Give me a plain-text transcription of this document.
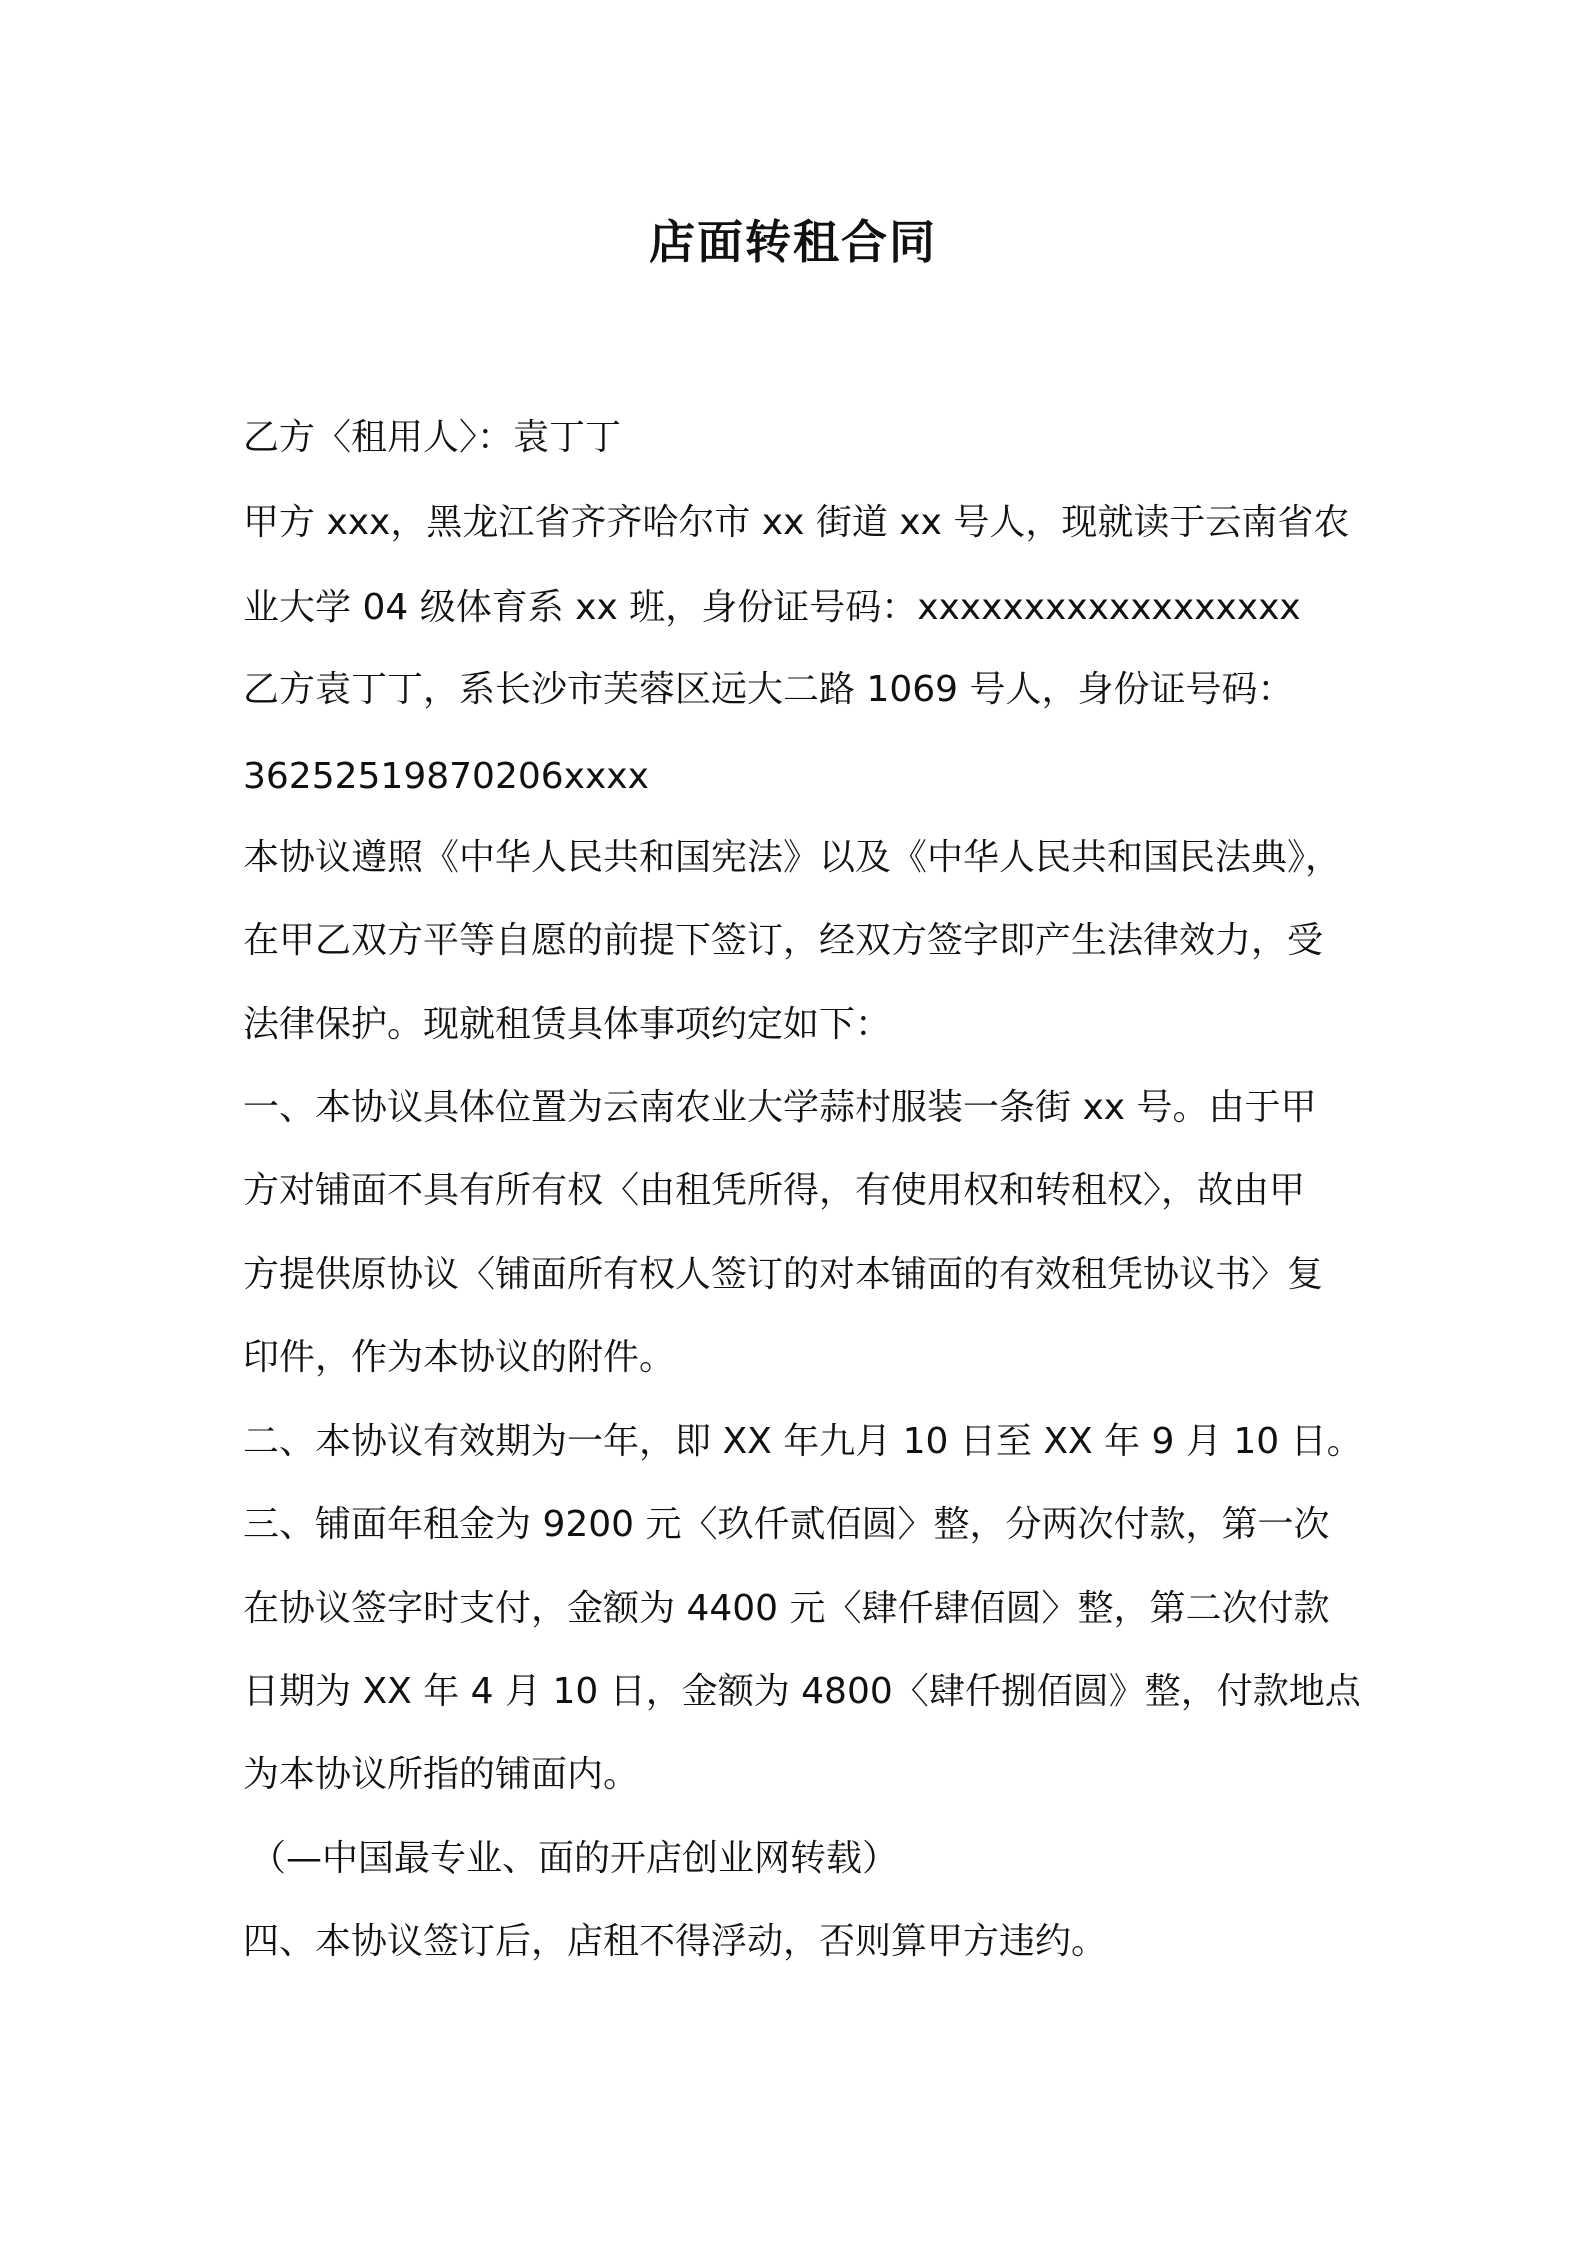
店面转租合同
乙方〈租用人〉：袁丁丁
甲方 xxx，黑龙江省齐齐哈尔市 xx 街道 xx 号人，现就读于云南省农
业大学 04 级体育系 xx 班，身份证号码：xxxxxxxxxxxxxxxxxx
乙方袁丁丁，系长沙市芙蓉区远大二路 1069 号人，身份证号码：
36252519870206xxxx
本协议遵照《中华人民共和国宪法》以及《中华人民共和国民法典》，
在甲乙双方平等自愿的前提下签订，经双方签字即产生法律效力，受
法律保护。现就租赁具体事项约定如下：
一、本协议具体位置为云南农业大学蒜村服装一条街 xx 号。由于甲
方对铺面不具有所有权〈由租凭所得，有使用权和转租权〉，故由甲
方提供原协议〈铺面所有权人签订的对本铺面的有效租凭协议书〉复
印件，作为本协议的附件。
二、本协议有效期为一年，即 XX 年九月 10 日至 XX 年 9 月 10 日。
三、铺面年租金为 9200 元〈玖仟贰佰圆〉整，分两次付款，第一次
在协议签字时支付，金额为 4400 元〈肆仟肆佰圆〉整，第二次付款
日期为 XX 年 4 月 10 日，金额为 4800〈肆仟捌佰圆》整，付款地点
为本协议所指的铺面内。
（—中国最专业、面的开店创业网转载）
四、本协议签订后，店租不得浮动，否则算甲方违约。
